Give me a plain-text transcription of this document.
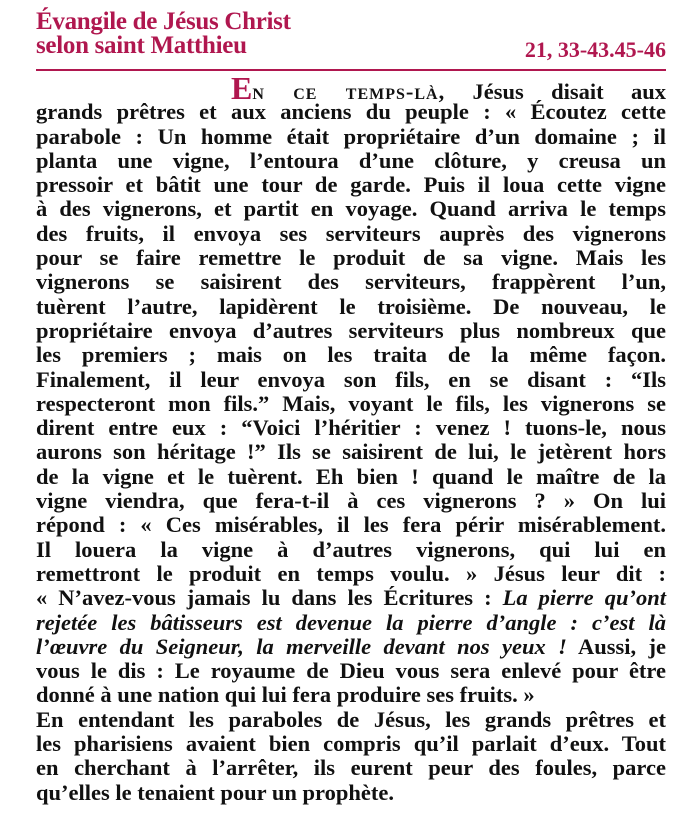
Évangile de Jésus Christ
selon saint Matthieu	21, 33-43.45-46
En ce temps-là, Jésus disait aux
grands prêtres et aux anciens du peuple : « Écoutez cette
parabole : Un homme était propriétaire d’un domaine ; il
planta une vigne, l’entoura d’une clôture, y creusa un
pressoir et bâtit une tour de garde. Puis il loua cette vigne
à des vignerons, et partit en voyage. Quand arriva le temps
des fruits, il envoya ses serviteurs auprès des vignerons
pour se faire remettre le produit de sa vigne. Mais les
vignerons se saisirent des serviteurs, frappèrent l’un,
tuèrent l’autre, lapidèrent le troisième. De nouveau, le
propriétaire envoya d’autres serviteurs plus nombreux que
les premiers ; mais on les traita de la même façon.
Finalement, il leur envoya son fils, en se disant : “Ils
respecteront mon fils.” Mais, voyant le fils, les vignerons se
dirent entre eux : “Voici l’héritier : venez ! tuons-le, nous
aurons son héritage !” Ils se saisirent de lui, le jetèrent hors
de la vigne et le tuèrent. Eh bien ! quand le maître de la
vigne viendra, que fera-t-il à ces vignerons ? » On lui
répond : « Ces misérables, il les fera périr misérablement.
Il louera la vigne à d’autres vignerons, qui lui en
remettront le produit en temps voulu. » Jésus leur dit :
« N’avez-vous jamais lu dans les Écritures : La pierre qu’ont
rejetée les bâtisseurs est devenue la pierre d’angle : c’est là
l’œuvre du Seigneur, la merveille devant nos yeux ! Aussi, je
vous le dis : Le royaume de Dieu vous sera enlevé pour être
donné à une nation qui lui fera produire ses fruits. »
En entendant les paraboles de Jésus, les grands prêtres et
les pharisiens avaient bien compris qu’il parlait d’eux. Tout
en cherchant à l’arrêter, ils eurent peur des foules, parce
qu’elles le tenaient pour un prophète.
